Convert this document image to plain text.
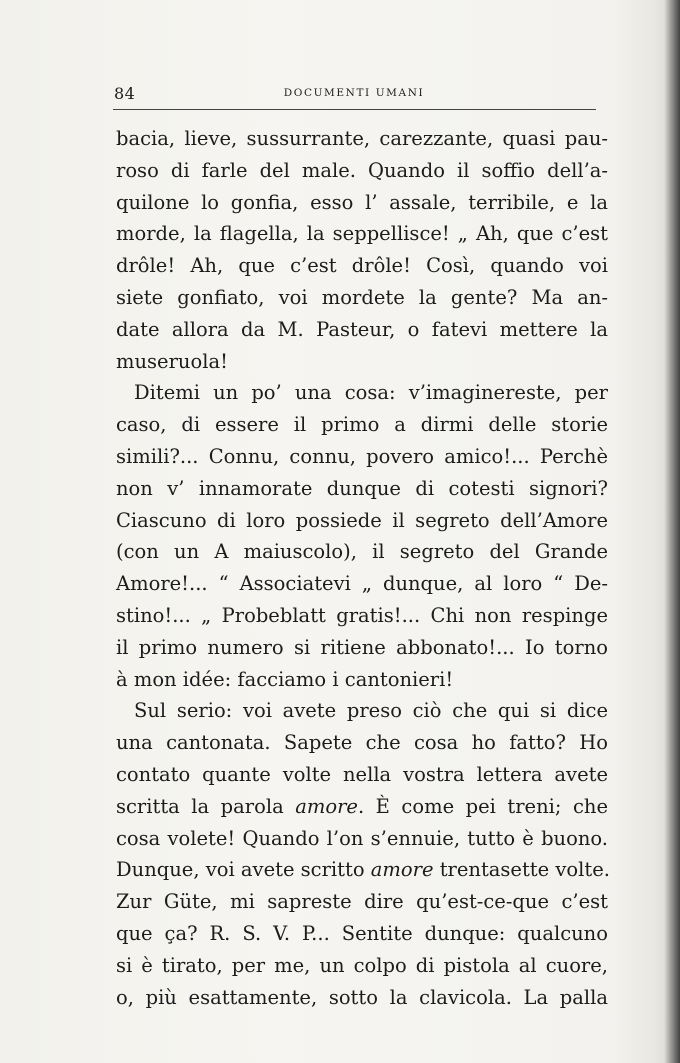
84	DOCUMENTI UMANI
bacia, lieve, sussurrante, carezzante, quasi pau-
roso di farle del male. Quando il soffio dell’a-
quilone lo gonfia, esso l’ assale, terribile, e la
morde, la flagella, la seppellisce! „ Ah, que c’est
drôle! Ah, que c’est drôle! Così, quando voi
siete gonfiato, voi mordete la gente? Ma an-
date allora da M. Pasteur, o fatevi mettere la
museruola!
Ditemi un po’ una cosa: v’imaginereste, per
caso, di essere il primo a dirmi delle storie
simili?... Connu, connu, povero amico!... Perchè
non v’ innamorate dunque di cotesti signori?
Ciascuno di loro possiede il segreto dell’Amore
(con un A maiuscolo), il segreto del Grande
Amore!... “ Associatevi „ dunque, al loro “ De-
stino!... „ Probeblatt gratis!... Chi non respinge
il primo numero si ritiene abbonato!... Io torno
à mon idée: facciamo i cantonieri!
Sul serio: voi avete preso ciò che qui si dice
una cantonata. Sapete che cosa ho fatto? Ho
contato quante volte nella vostra lettera avete
scritta la parola amore. È come pei treni; che
cosa volete! Quando l’on s’ennuie, tutto è buono.
Dunque, voi avete scritto amore trentasette volte.
Zur Güte, mi sapreste dire qu’est-ce-que c’est
que ça? R. S. V. P... Sentite dunque: qualcuno
si è tirato, per me, un colpo di pistola al cuore,
o, più esattamente, sotto la clavicola. La palla
